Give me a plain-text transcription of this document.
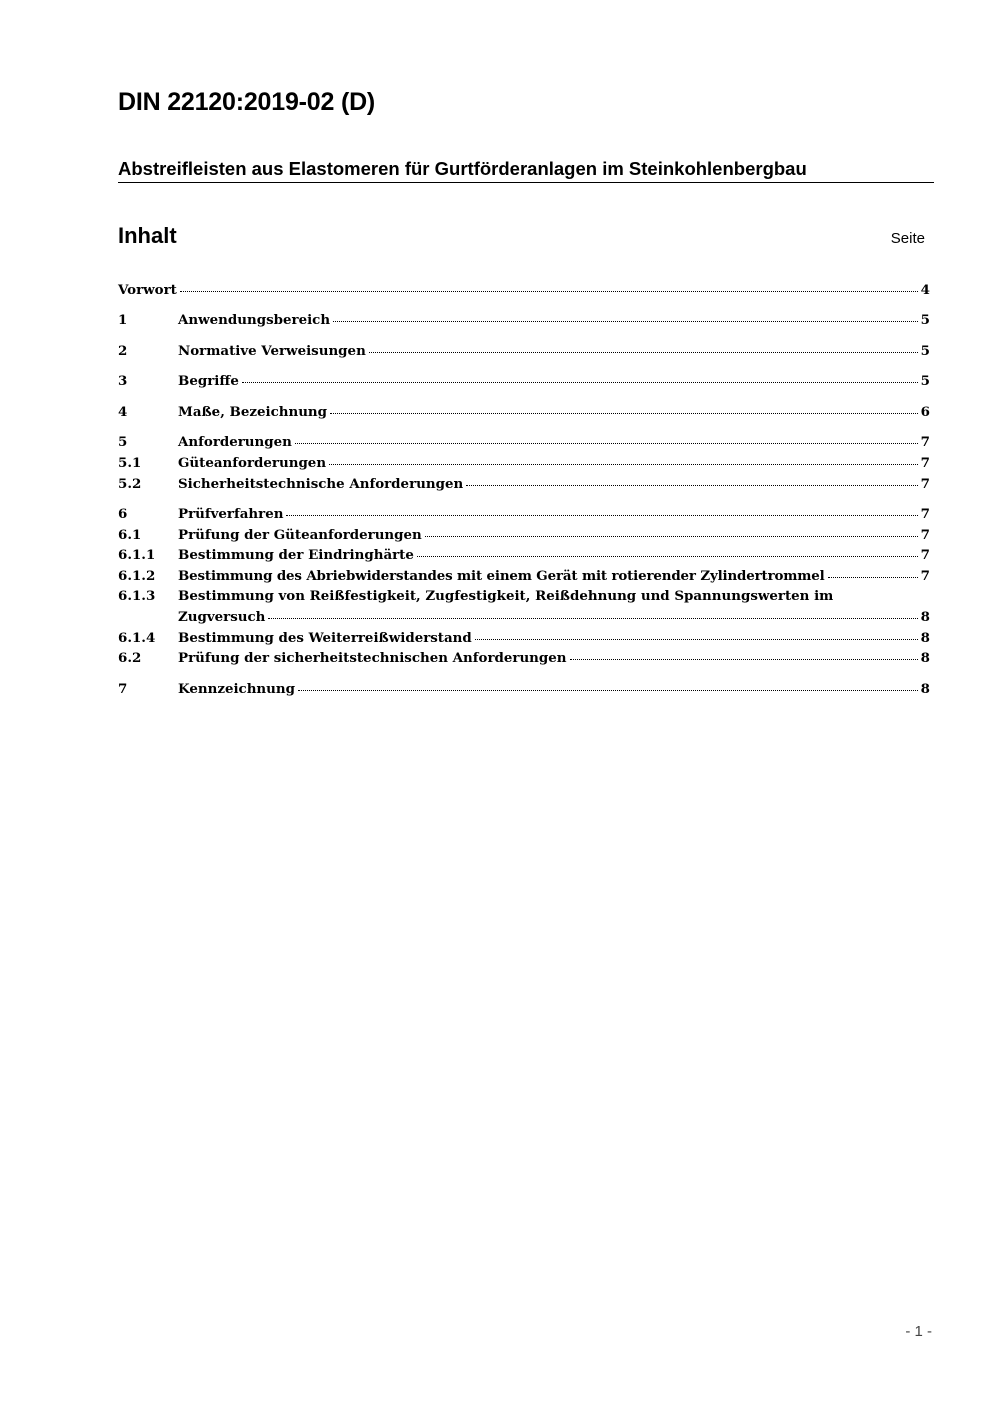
DIN 22120:2019-02 (D)
Abstreifleisten aus Elastomeren für Gurtförderanlagen im Steinkohlenbergbau
Inhalt	Seite
Vorwort	4
1	Anwendungsbereich	5
2	Normative Verweisungen	5
3	Begriffe	5
4	Maße, Bezeichnung	6
5	Anforderungen	7
5.1	Güteanforderungen	7
5.2	Sicherheitstechnische Anforderungen	7
6	Prüfverfahren	7
6.1	Prüfung der Güteanforderungen	7
6.1.1	Bestimmung der Eindringhärte	7
6.1.2	Bestimmung des Abriebwiderstandes mit einem Gerät mit rotierender Zylindertrommel	7
6.1.3	Bestimmung von Reißfestigkeit, Zugfestigkeit, Reißdehnung und Spannungswerten im
Zugversuch	8
6.1.4	Bestimmung des Weiterreißwiderstand	8
6.2	Prüfung der sicherheitstechnischen Anforderungen	8
7	Kennzeichnung	8
- 1 -
